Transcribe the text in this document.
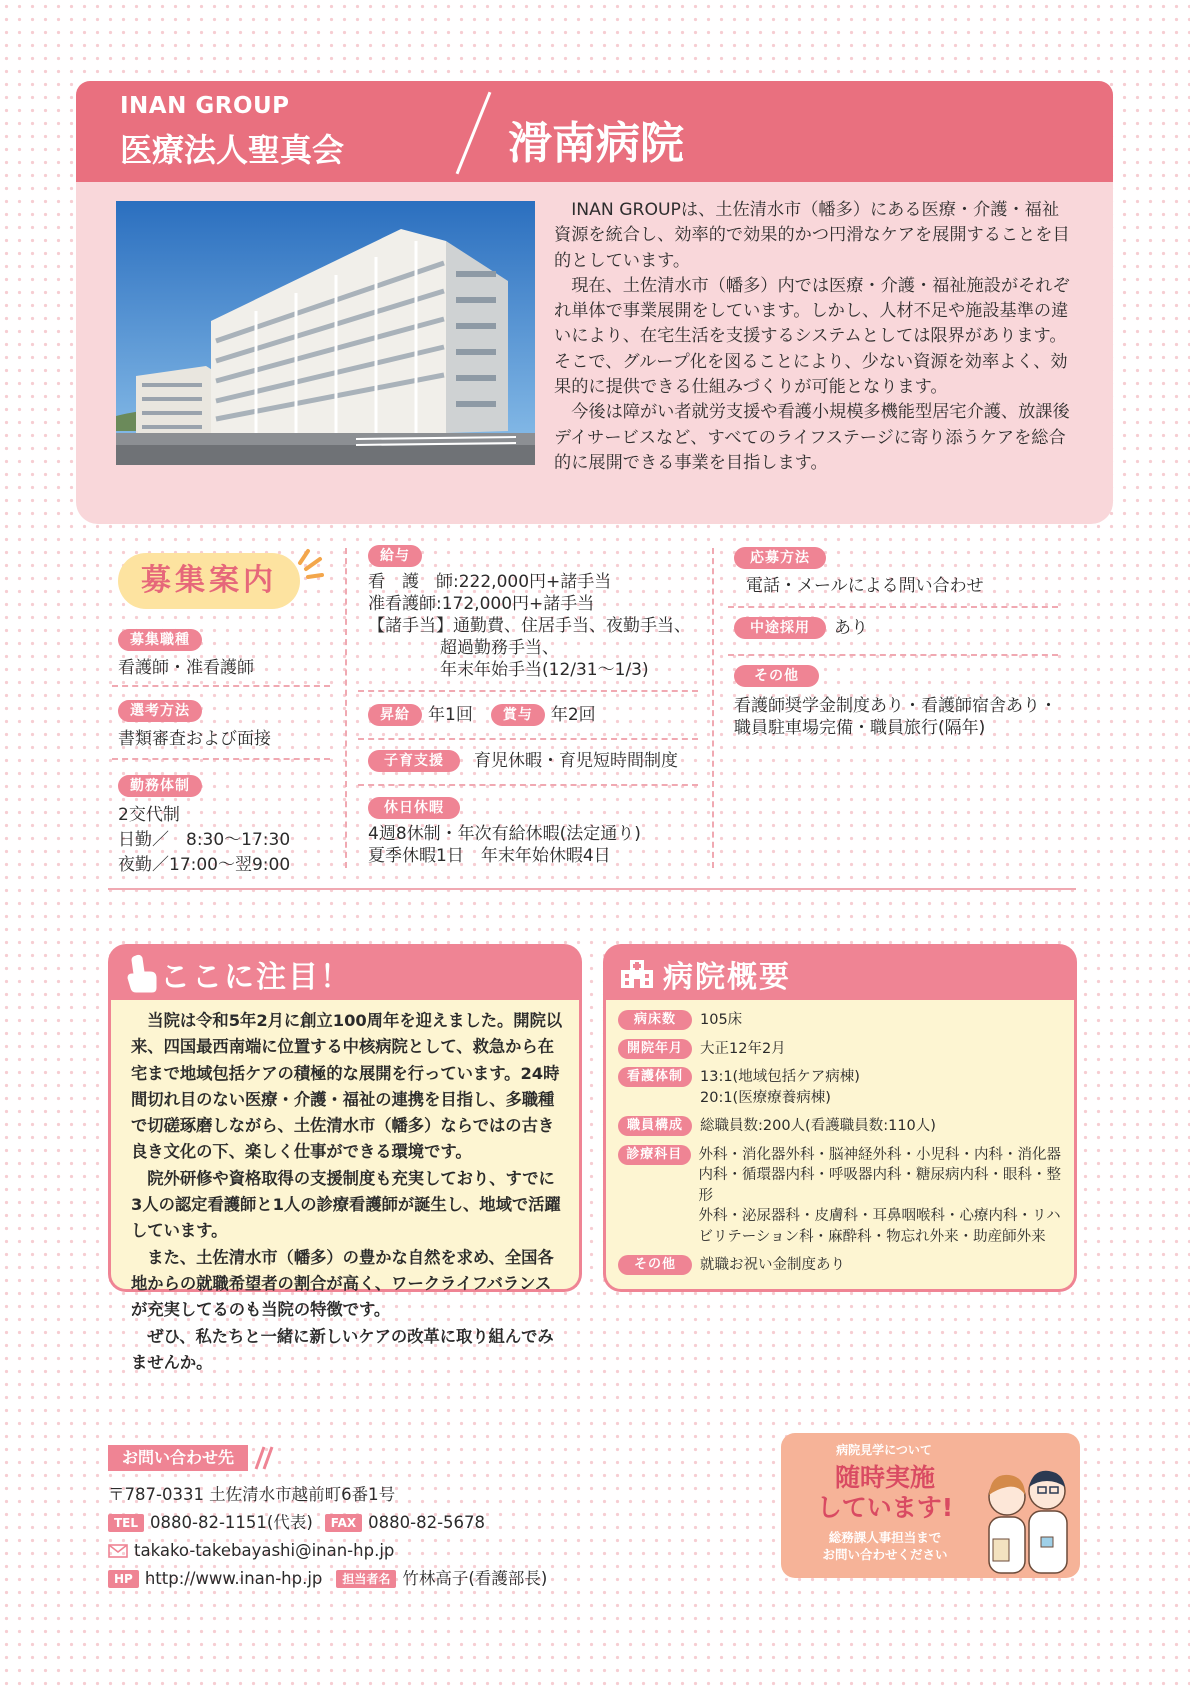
INAN GROUP
医療法人聖真会	滑南病院

INAN GROUPは、土佐清水市（幡多）にある医療・介護・福祉資源を統合し、効率的で効果的かつ円滑なケアを展開することを目的としています。

現在、土佐清水市（幡多）内では医療・介護・福祉施設がそれぞれ単体で事業展開をしています。しかし、人材不足や施設基準の違いにより、在宅生活を支援するシステムとしては限界があります。そこで、グループ化を図ることにより、少ない資源を効率よく、効果的に提供できる仕組みづくりが可能となります。

今後は障がい者就労支援や看護小規模多機能型居宅介護、放課後デイサービスなど、すべてのライフステージに寄り添うケアを総合的に展開できる事業を目指します。

募集案内
募集職種
看護師・准看護師
選考方法
書類審査および面接
勤務体制
2交代制
日勤／　8:30〜17:30
夜勤／17:00〜翌9:00
給与
看　護　師:222,000円+諸手当
准看護師:172,000円+諸手当
【諸手当】通勤費、住居手当、夜勤手当、
超過勤務手当、
年末年始手当(12/31〜1/3)
昇給	年1回	賞与	年2回
子育支援	育児休暇・育児短時間制度
休日休暇
4週8休制・年次有給休暇(法定通り)
夏季休暇1日　年末年始休暇4日
応募方法
電話・メールによる問い合わせ
中途採用	あり
その他
看護師奨学金制度あり・看護師宿舎あり・
職員駐車場完備・職員旅行(隔年)
ここに注目！

当院は令和5年2月に創立100周年を迎えました。開院以来、四国最西南端に位置する中核病院として、救急から在宅まで地域包括ケアの積極的な展開を行っています。24時間切れ目のない医療・介護・福祉の連携を目指し、多職種で切磋琢磨しながら、土佐清水市（幡多）ならではの古き良き文化の下、楽しく仕事ができる環境です。

院外研修や資格取得の支援制度も充実しており、すでに3人の認定看護師と1人の診療看護師が誕生し、地域で活躍しています。

また、土佐清水市（幡多）の豊かな自然を求め、全国各地からの就職希望者の割合が高く、ワークライフバランスが充実してるのも当院の特徴です。

ぜひ、私たちと一緒に新しいケアの改革に取り組んでみませんか。

病院概要
病床数	105床
開院年月	大正12年2月
看護体制	13:1(地域包括ケア病棟)
20:1(医療療養病棟)
職員構成	総職員数:200人(看護職員数:110人)
診療科目	外科・消化器外科・脳神経外科・小児科・内科・消化器
内科・循環器内科・呼吸器内科・糖尿病内科・眼科・整形
外科・泌尿器科・皮膚科・耳鼻咽喉科・心療内科・リハ
ビリテーション科・麻酔科・物忘れ外来・助産師外来
その他	就職お祝い金制度あり
お問い合わせ先
〒787-0331 土佐清水市越前町6番1号
TEL 0880-82-1151(代表)	FAX 0880-82-5678
takako-takebayashi@inan-hp.jp
HP http://www.inan-hp.jp	担当者名 竹林高子(看護部長)
病院見学について
随時実施
しています!
総務課人事担当まで
お問い合わせください
